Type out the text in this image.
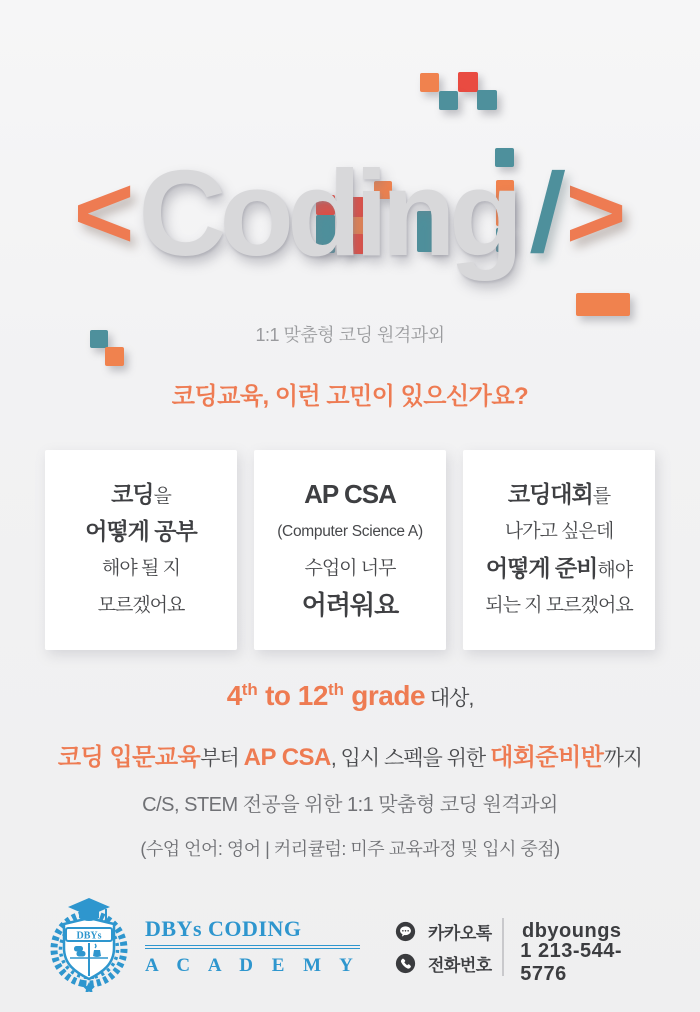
< Coding /
>
1:1 맞춤형 코딩 원격과외
코딩교육, 이런 고민이 있으신가요?
코딩 을
어떻게 공부
해야 될 지
모르겠어요
AP CSA
(Computer Science A)
수업이 너무
어려워요
코딩대회 를
나가고 싶은데
어떻게 준비 해야
되는 지 모르겠어요
4 th to 12 th grade 대상,
코딩 입문교육 부터 AP CSA , 입시 스펙을 위한 대회준비반 까지
C/S, STEM 전공을 위한 1:1 맞춤형 코딩 원격과외
(수업 언어: 영어 | 커리큘럼: 미주 교육과정 및 입시 중점)
DBYs DBYs CODING
A C A D E M Y
카카오톡	dbyoungs
전화번호
1 213-544-5776
